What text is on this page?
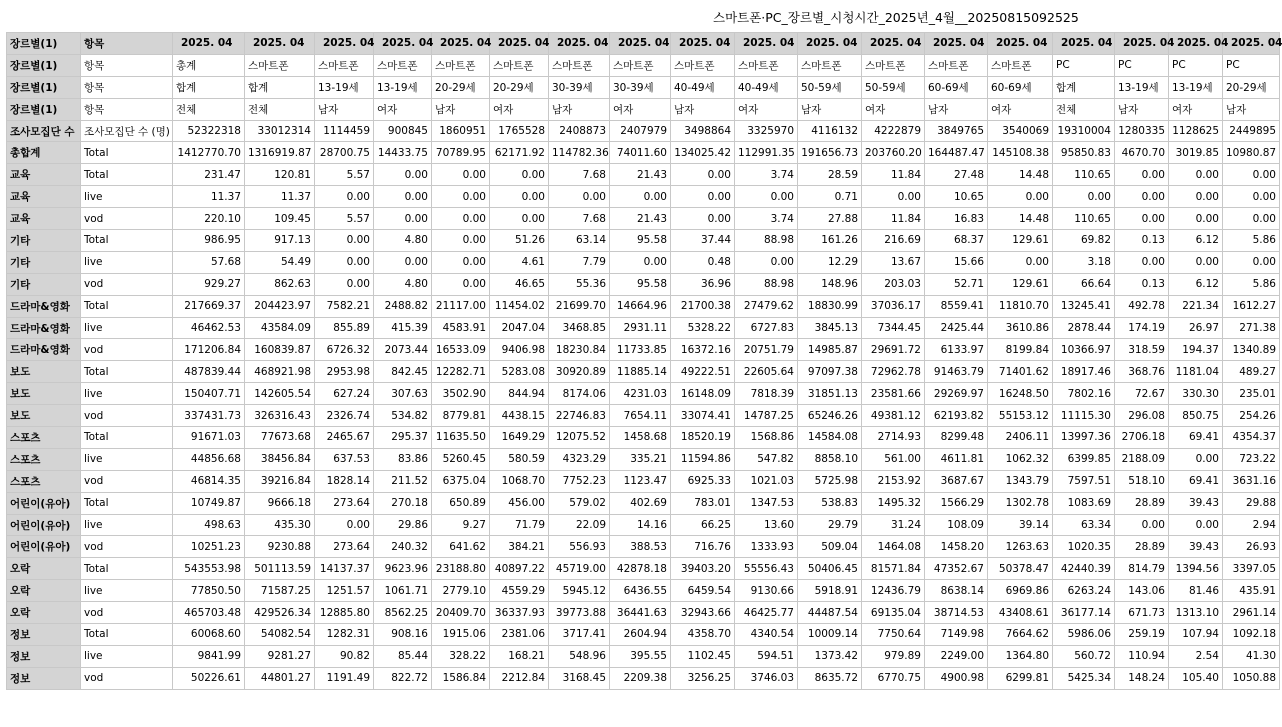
스마트폰·PC_장르별_시청시간_2025년_4월__20250815092525
장르별(1)	항목	2025. 04	2025. 04	2025. 04	2025. 04	2025. 04	2025. 04	2025. 04	2025. 04	2025. 04	2025. 04	2025. 04	2025. 04	2025. 04	2025. 04	2025. 04	2025. 04	2025. 04	2025. 04
장르별(1)	항목	총계	스마트폰	스마트폰	스마트폰	스마트폰	스마트폰	스마트폰	스마트폰	스마트폰	스마트폰	스마트폰	스마트폰	스마트폰	스마트폰	PC	PC	PC	PC
장르별(1)	항목	합계	합계	13-19세	13-19세	20-29세	20-29세	30-39세	30-39세	40-49세	40-49세	50-59세	50-59세	60-69세	60-69세	합계	13-19세	13-19세	20-29세
장르별(1)	항목	전체	전체	남자	여자	남자	여자	남자	여자	남자	여자	남자	여자	남자	여자	전체	남자	여자	남자
조사모집단 수	조사모집단 수 (명)	52322318	33012314	1114459	900845	1860951	1765528	2408873	2407979	3498864	3325970	4116132	4222879	3849765	3540069	19310004	1280335	1128625	2449895
총합계	Total	1412770.70	1316919.87	28700.75	14433.75	70789.95	62171.92	114782.36	74011.60	134025.42	112991.35	191656.73	203760.20	164487.47	145108.38	95850.83	4670.70	3019.85	10980.87
교육	Total	231.47	120.81	5.57	0.00	0.00	0.00	7.68	21.43	0.00	3.74	28.59	11.84	27.48	14.48	110.65	0.00	0.00	0.00
교육	live	11.37	11.37	0.00	0.00	0.00	0.00	0.00	0.00	0.00	0.00	0.71	0.00	10.65	0.00	0.00	0.00	0.00	0.00
교육	vod	220.10	109.45	5.57	0.00	0.00	0.00	7.68	21.43	0.00	3.74	27.88	11.84	16.83	14.48	110.65	0.00	0.00	0.00
기타	Total	986.95	917.13	0.00	4.80	0.00	51.26	63.14	95.58	37.44	88.98	161.26	216.69	68.37	129.61	69.82	0.13	6.12	5.86
기타	live	57.68	54.49	0.00	0.00	0.00	4.61	7.79	0.00	0.48	0.00	12.29	13.67	15.66	0.00	3.18	0.00	0.00	0.00
기타	vod	929.27	862.63	0.00	4.80	0.00	46.65	55.36	95.58	36.96	88.98	148.96	203.03	52.71	129.61	66.64	0.13	6.12	5.86
드라마&영화	Total	217669.37	204423.97	7582.21	2488.82	21117.00	11454.02	21699.70	14664.96	21700.38	27479.62	18830.99	37036.17	8559.41	11810.70	13245.41	492.78	221.34	1612.27
드라마&영화	live	46462.53	43584.09	855.89	415.39	4583.91	2047.04	3468.85	2931.11	5328.22	6727.83	3845.13	7344.45	2425.44	3610.86	2878.44	174.19	26.97	271.38
드라마&영화	vod	171206.84	160839.87	6726.32	2073.44	16533.09	9406.98	18230.84	11733.85	16372.16	20751.79	14985.87	29691.72	6133.97	8199.84	10366.97	318.59	194.37	1340.89
보도	Total	487839.44	468921.98	2953.98	842.45	12282.71	5283.08	30920.89	11885.14	49222.51	22605.64	97097.38	72962.78	91463.79	71401.62	18917.46	368.76	1181.04	489.27
보도	live	150407.71	142605.54	627.24	307.63	3502.90	844.94	8174.06	4231.03	16148.09	7818.39	31851.13	23581.66	29269.97	16248.50	7802.16	72.67	330.30	235.01
보도	vod	337431.73	326316.43	2326.74	534.82	8779.81	4438.15	22746.83	7654.11	33074.41	14787.25	65246.26	49381.12	62193.82	55153.12	11115.30	296.08	850.75	254.26
스포츠	Total	91671.03	77673.68	2465.67	295.37	11635.50	1649.29	12075.52	1458.68	18520.19	1568.86	14584.08	2714.93	8299.48	2406.11	13997.36	2706.18	69.41	4354.37
스포츠	live	44856.68	38456.84	637.53	83.86	5260.45	580.59	4323.29	335.21	11594.86	547.82	8858.10	561.00	4611.81	1062.32	6399.85	2188.09	0.00	723.22
스포츠	vod	46814.35	39216.84	1828.14	211.52	6375.04	1068.70	7752.23	1123.47	6925.33	1021.03	5725.98	2153.92	3687.67	1343.79	7597.51	518.10	69.41	3631.16
어린이(유아)	Total	10749.87	9666.18	273.64	270.18	650.89	456.00	579.02	402.69	783.01	1347.53	538.83	1495.32	1566.29	1302.78	1083.69	28.89	39.43	29.88
어린이(유아)	live	498.63	435.30	0.00	29.86	9.27	71.79	22.09	14.16	66.25	13.60	29.79	31.24	108.09	39.14	63.34	0.00	0.00	2.94
어린이(유아)	vod	10251.23	9230.88	273.64	240.32	641.62	384.21	556.93	388.53	716.76	1333.93	509.04	1464.08	1458.20	1263.63	1020.35	28.89	39.43	26.93
오락	Total	543553.98	501113.59	14137.37	9623.96	23188.80	40897.22	45719.00	42878.18	39403.20	55556.43	50406.45	81571.84	47352.67	50378.47	42440.39	814.79	1394.56	3397.05
오락	live	77850.50	71587.25	1251.57	1061.71	2779.10	4559.29	5945.12	6436.55	6459.54	9130.66	5918.91	12436.79	8638.14	6969.86	6263.24	143.06	81.46	435.91
오락	vod	465703.48	429526.34	12885.80	8562.25	20409.70	36337.93	39773.88	36441.63	32943.66	46425.77	44487.54	69135.04	38714.53	43408.61	36177.14	671.73	1313.10	2961.14
정보	Total	60068.60	54082.54	1282.31	908.16	1915.06	2381.06	3717.41	2604.94	4358.70	4340.54	10009.14	7750.64	7149.98	7664.62	5986.06	259.19	107.94	1092.18
정보	live	9841.99	9281.27	90.82	85.44	328.22	168.21	548.96	395.55	1102.45	594.51	1373.42	979.89	2249.00	1364.80	560.72	110.94	2.54	41.30
정보	vod	50226.61	44801.27	1191.49	822.72	1586.84	2212.84	3168.45	2209.38	3256.25	3746.03	8635.72	6770.75	4900.98	6299.81	5425.34	148.24	105.40	1050.88
